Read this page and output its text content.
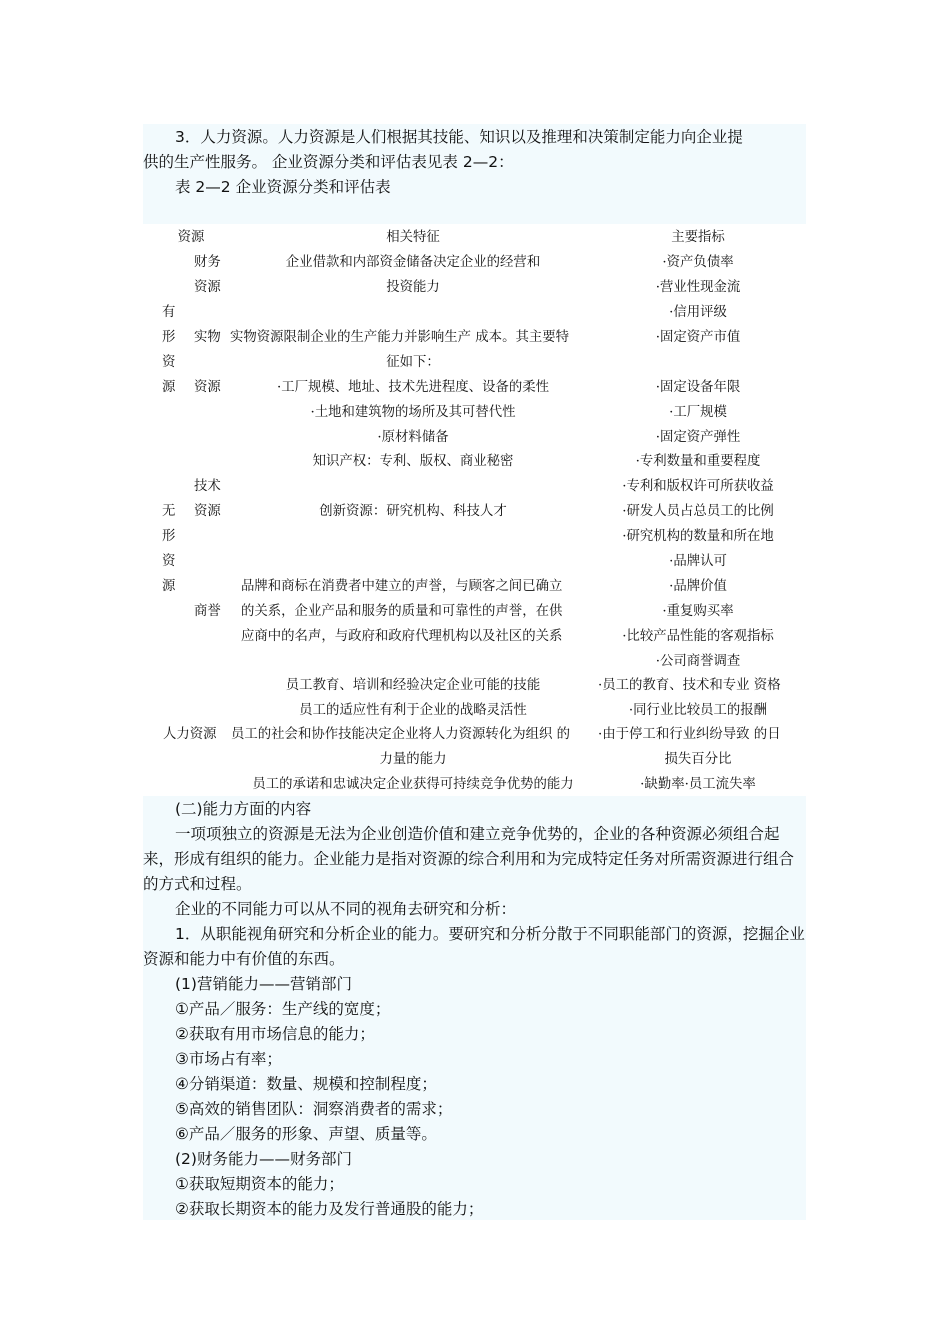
3．人力资源。人力资源是人们根据其技能、知识以及推理和决策制定能力向企业提
供的生产性服务。 企业资源分类和评估表见表 2—2：
表 2—2 企业资源分类和评估表
资源	相关特征	主要指标
有形资源
无形资源
人力资源
财务
资源
实物
资源
技术
资源
商誉
企业借款和内部资金储备决定企业的经营和
投资能力
实物资源限制企业的生产能力并影响生产 成本。其主要特
征如下：
·工厂规模、地址、技术先进程度、设备的柔性
·土地和建筑物的场所及其可替代性
·原材料储备
知识产权：专利、版权、商业秘密
创新资源：研究机构、科技人才
品牌和商标在消费者中建立的声誉，与顾客之间已确立
的关系，企业产品和服务的质量和可靠性的声誉，在供
应商中的名声，与政府和政府代理机构以及社区的关系
员工教育、培训和经验决定企业可能的技能
员工的适应性有利于企业的战略灵活性
员工的社会和协作技能决定企业将人力资源转化为组织 的
力量的能力
员工的承诺和忠诚决定企业获得可持续竞争优势的能力
·资产负债率
·营业性现金流
·信用评级
·固定资产市值
·固定设备年限
·工厂规模
·固定资产弹性
·专利数量和重要程度
·专利和版权许可所获收益
·研发人员占总员工的比例
·研究机构的数量和所在地
·品牌认可
·品牌价值
·重复购买率
·比较产品性能的客观指标
·公司商誉调查
·员工的教育、技术和专业 资格
·同行业比较员工的报酬
·由于停工和行业纠纷导致 的日
损失百分比
·缺勤率·员工流失率
(二)能力方面的内容
一项项独立的资源是无法为企业创造价值和建立竞争优势的，企业的各种资源必须组合起来，形成有组织的能力。企业能力是指对资源的综合利用和为完成特定任务对所需资源进行组合的方式和过程。
企业的不同能力可以从不同的视角去研究和分析：
1．从职能视角研究和分析企业的能力。要研究和分析分散于不同职能部门的资源，挖掘企业资源和能力中有价值的东西。
(1)营销能力——营销部门
①产品／服务：生产线的宽度；
②获取有用市场信息的能力；
③市场占有率；
④分销渠道：数量、规模和控制程度；
⑤高效的销售团队：洞察消费者的需求；
⑥产品／服务的形象、声望、质量等。
(2)财务能力——财务部门
①获取短期资本的能力；
②获取长期资本的能力及发行普通股的能力；
